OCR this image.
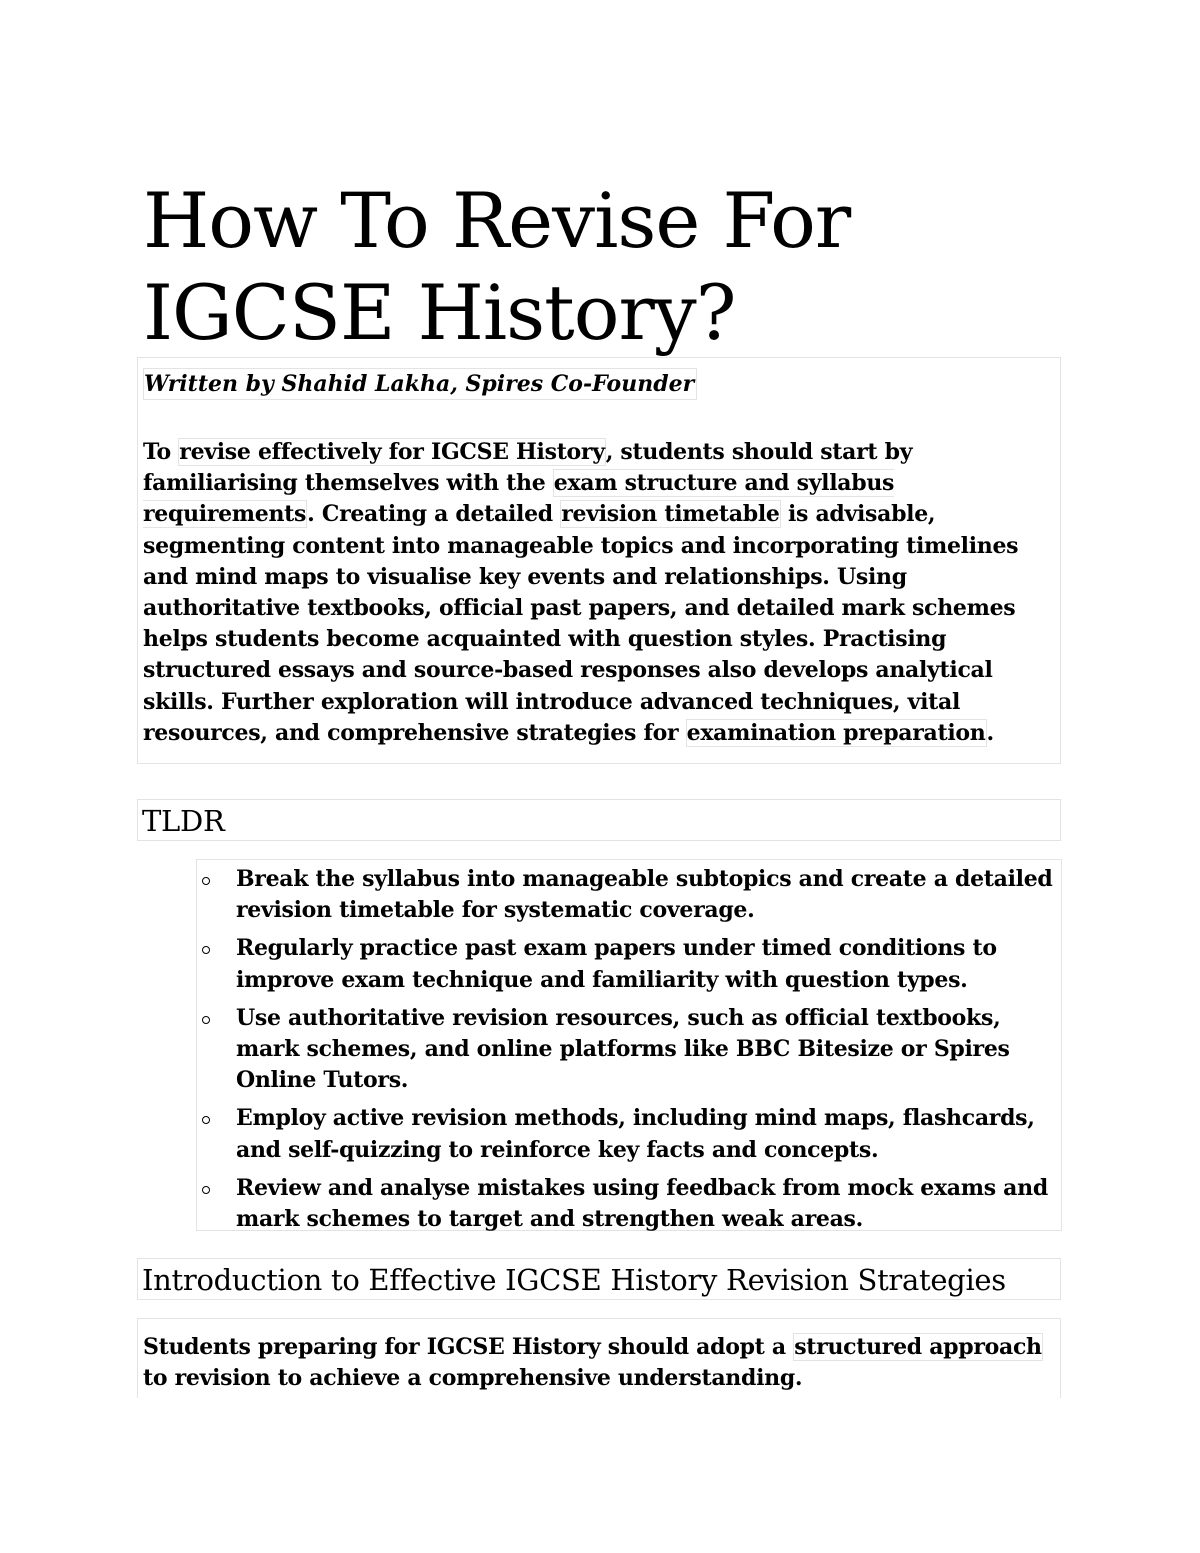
How To Revise For IGCSE History?
Written by Shahid Lakha, Spires Co-Founder

To revise effectively for IGCSE History, students should start by familiarising themselves with the exam structure and syllabus requirements. Creating a detailed revision timetable is advisable, segmenting content into manageable topics and incorporating timelines and mind maps to visualise key events and relationships. Using authoritative textbooks, official past papers, and detailed mark schemes helps students become acquainted with question styles. Practising structured essays and source-based responses also develops analytical skills. Further exploration will introduce advanced techniques, vital resources, and comprehensive strategies for examination preparation.

TLDR
Break the syllabus into manageable subtopics and create a detailed revision timetable for systematic coverage.
Regularly practice past exam papers under timed conditions to improve exam technique and familiarity with question types.
Use authoritative revision resources, such as official textbooks, mark schemes, and online platforms like BBC Bitesize or Spires Online Tutors.
Employ active revision methods, including mind maps, flashcards, and self-quizzing to reinforce key facts and concepts.
Review and analyse mistakes using feedback from mock exams and mark schemes to target and strengthen weak areas.
Introduction to Effective IGCSE History Revision Strategies

Students preparing for IGCSE History should adopt a structured approach to revision to achieve a comprehensive understanding.
